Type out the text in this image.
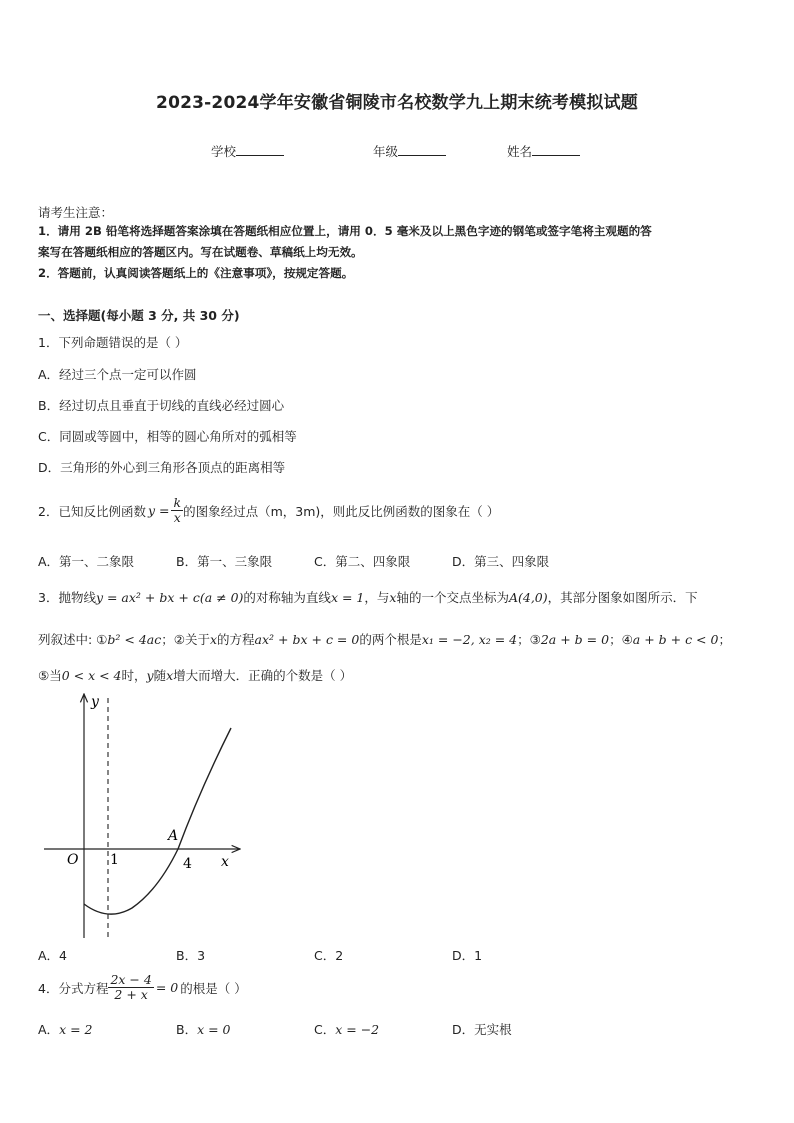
2023-2024学年安徽省铜陵市名校数学九上期末统考模拟试题
学校	年级	姓名
请考生注意：
1．请用 2B 铅笔将选择题答案涂填在答题纸相应位置上，请用 0．5 毫米及以上黑色字迹的钢笔或签字笔将主观题的答
案写在答题纸相应的答题区内。写在试题卷、草稿纸上均无效。
2．答题前，认真阅读答题纸上的《注意事项》，按规定答题。
一、选择题(每小题 3 分, 共 30 分)
1．下列命题错误的是（ ）
A．经过三个点一定可以作圆
B．经过切点且垂直于切线的直线必经过圆心
C．同圆或等圆中，相等的圆心角所对的弧相等
D．三角形的外心到三角形各顶点的距离相等
2．已知反比例函数 $y = \frac{k}{x}$ 的图象经过点（m，3m)，则此反比例函数的图象在（ ）
A．第一、二象限	B．第一、三象限	C．第二、四象限	D．第三、四象限
3．抛物线y = ax² + bx + c(a ≠ 0)的对称轴为直线x = 1，与x轴的一个交点坐标为A(4,0)，其部分图象如图所示．下
列叙述中: ①b² < 4ac；②关于x的方程ax² + bx + c = 0的两个根是x₁ = −2, x₂ = 4；③2a + b = 0；④a + b + c < 0；
⑤当0 < x < 4时，y随x增大而增大．正确的个数是（ ）
y
x
O 1	4
A
A．4	B．3	C．2	D．1
4．分式方程 $\frac{2x - 4}{2 + x} = 0$ 的根是（ ）
A．x = 2	B．x = 0	C．x = −2	D．无实根
